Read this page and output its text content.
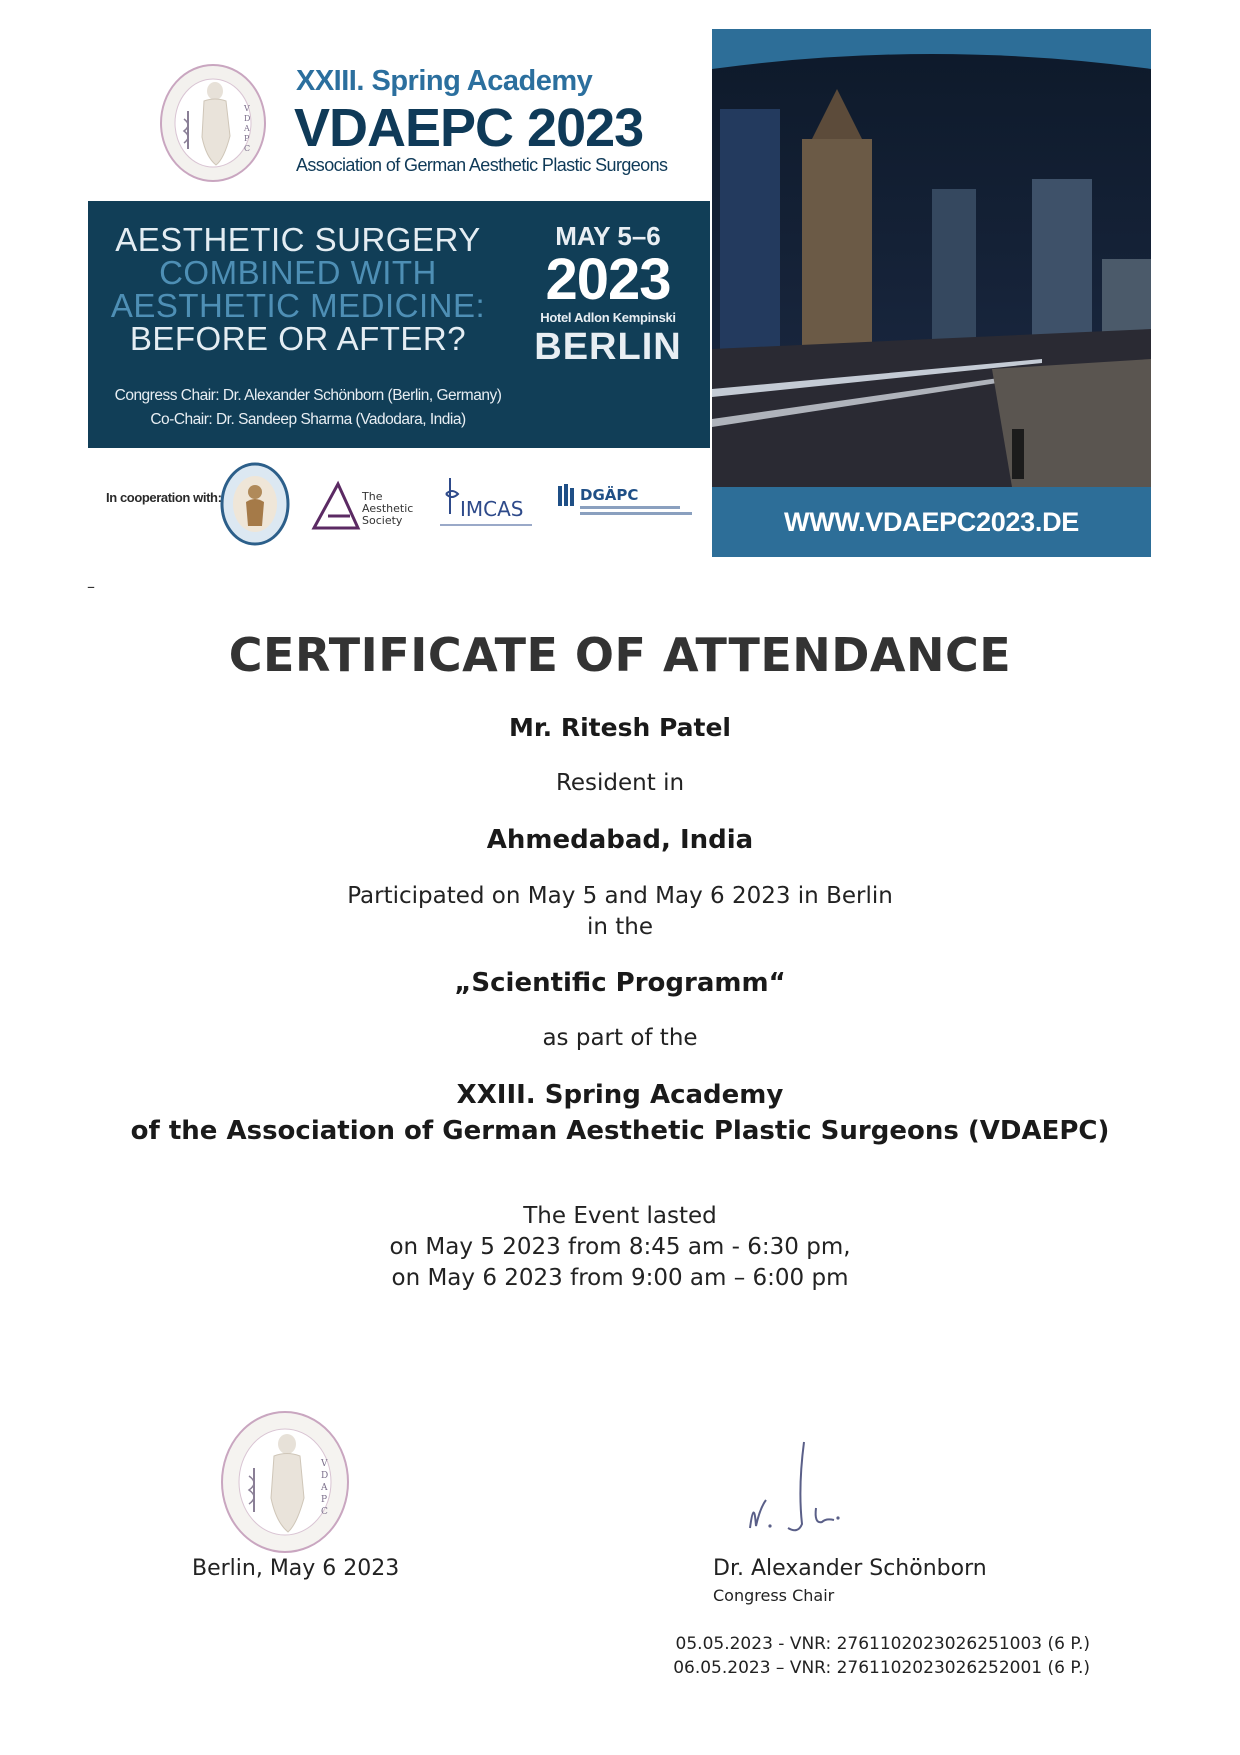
V
D
A
P
C
XXIII. Spring Academy
VDAEPC 2023
Association of German Aesthetic Plastic Surgeons
AESTHETIC SURGERY
COMBINED WITH
AESTHETIC MEDICINE:
BEFORE OR AFTER?
MAY 5–6
2023
Hotel Adlon Kempinski
BERLIN
Congress Chair: Dr. Alexander Schönborn (Berlin, Germany)
Co-Chair: Dr. Sandeep Sharma (Vadodara, India)
In cooperation with:	The
Aesthetic
Society	IMCAS
DGÄPC
WWW.VDAEPC2023.DE
–
CERTIFICATE OF ATTENDANCE
Mr. Ritesh Patel
Resident in
Ahmedabad, India
Participated on May 5 and May 6 2023 in Berlin
in the
„Scientific Programm“
as part of the
XXIII. Spring Academy
of the Association of German Aesthetic Plastic Surgeons (VDAEPC)
The Event lasted
on May 5 2023 from 8:45 am - 6:30 pm,
on May 6 2023 from 9:00 am – 6:00 pm
V
D
A
P
C
Berlin, May 6 2023	Dr. Alexander Schönborn
Congress Chair
05.05.2023 - VNR: 2761102023026251003 (6 P.)
06.05.2023 – VNR: 2761102023026252001 (6 P.)
